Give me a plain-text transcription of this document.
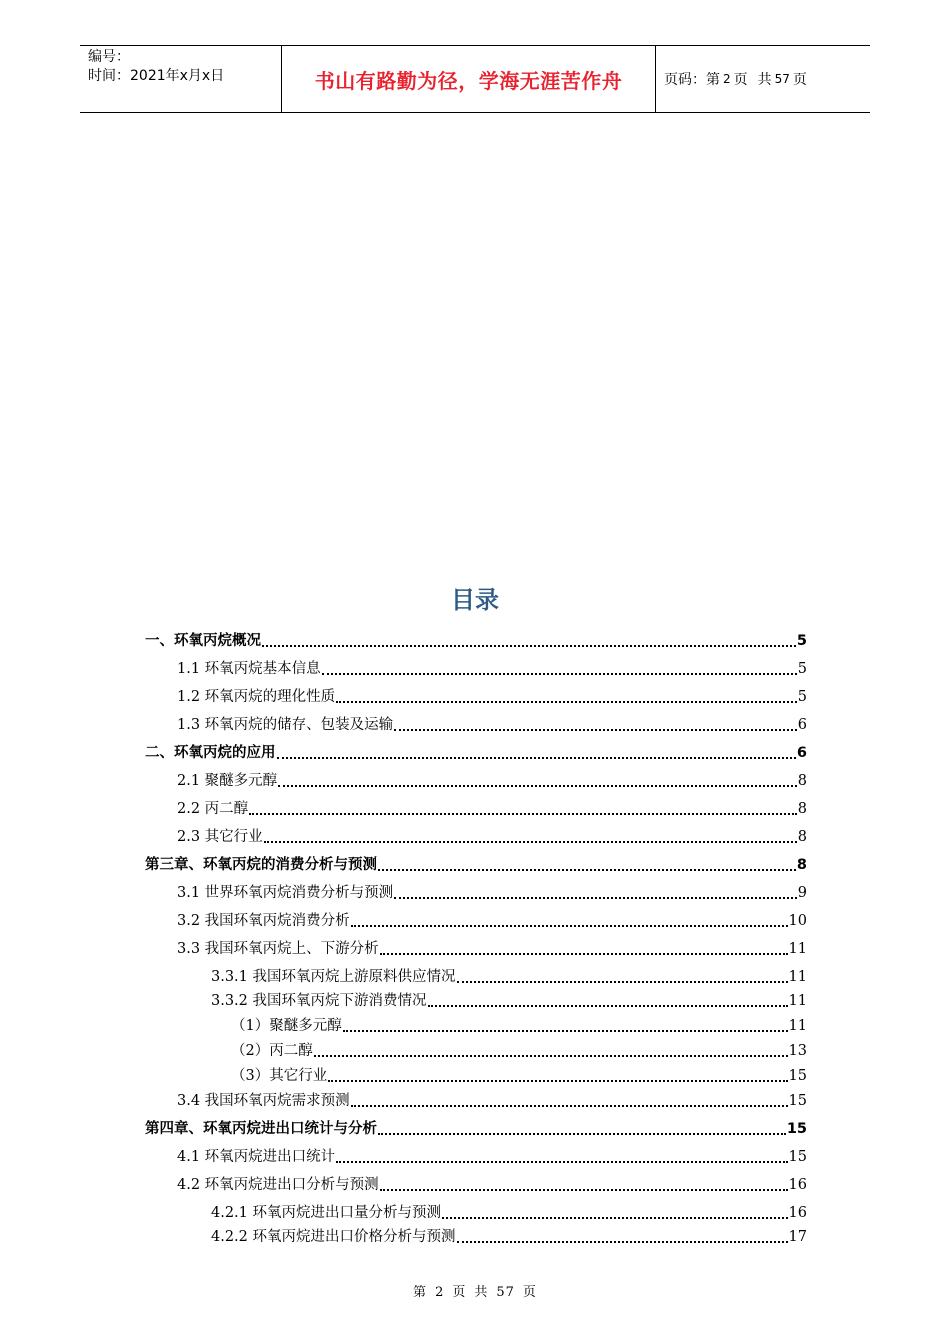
编号：
时间：2021年x月x日	书山有路勤为径，学海无涯苦作舟	页码：第 2 页 共 57 页
目录
一、环氧丙烷概况	5
1.1 环氧丙烷基本信息	5
1.2 环氧丙烷的理化性质	5
1.3 环氧丙烷的储存、包装及运输	6
二、环氧丙烷的应用	6
2.1 聚醚多元醇	8
2.2 丙二醇	8
2.3 其它行业	8
第三章、环氧丙烷的消费分析与预测	8
3.1 世界环氧丙烷消费分析与预测	9
3.2 我国环氧丙烷消费分析	10
3.3 我国环氧丙烷上、下游分析	11
3.3.1 我国环氧丙烷上游原料供应情况	11
3.3.2 我国环氧丙烷下游消费情况	11
（1）聚醚多元醇	11
（2）丙二醇	13
（3）其它行业	15
3.4 我国环氧丙烷需求预测	15
第四章、环氧丙烷进出口统计与分析	15
4.1 环氧丙烷进出口统计	15
4.2 环氧丙烷进出口分析与预测	16
4.2.1 环氧丙烷进出口量分析与预测	16
4.2.2 环氧丙烷进出口价格分析与预测	17
第 2 页 共 57 页
